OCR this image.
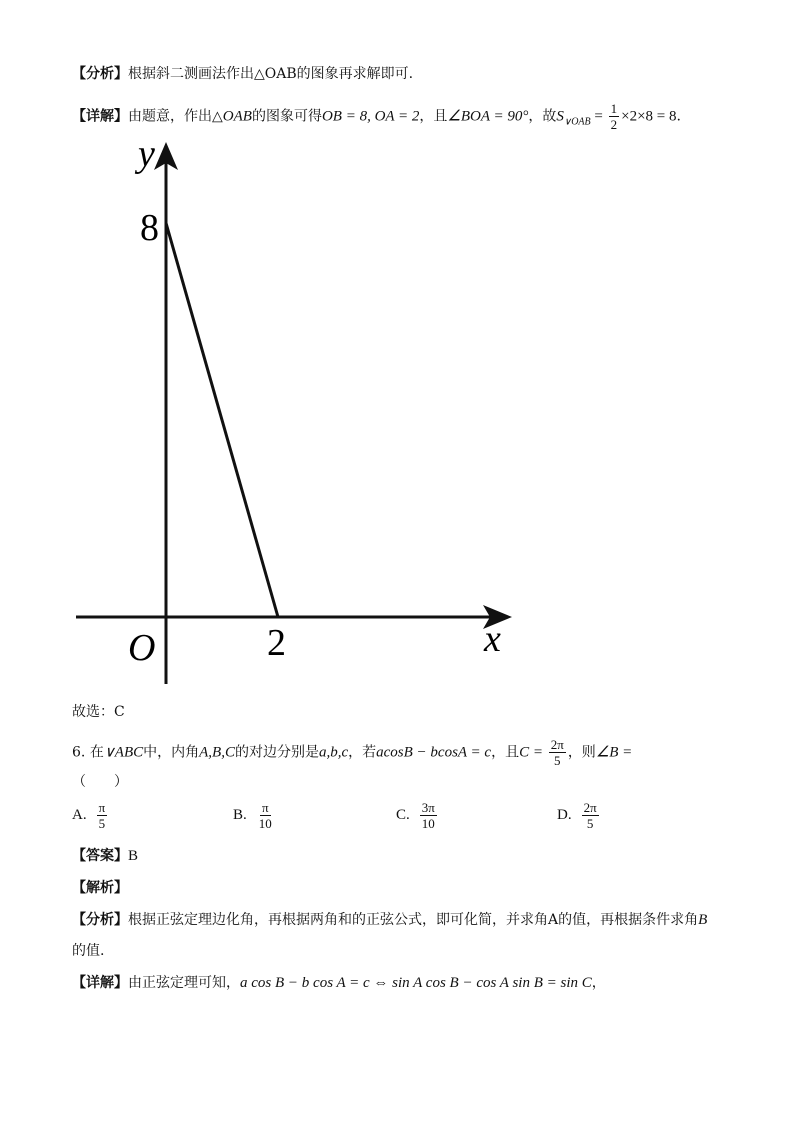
【分析】根据斜二测画法作出△OAB的图象再求解即可.
【详解】由题意，作出△OAB的图象可得OB = 8, OA = 2，且∠BOA = 90°，故$S_{\vee OAB} = \frac{1}{2} \times 2\times 8 = 8$.
y
x
O
8
2
故选：C
6. 在∨ABC中，内角A,B,C的对边分别是a,b,c，若acosB − bcosA = c，且$C = \frac{2\pi}{5}$ ，则∠B =
（　　）
A. $\frac{\pi}{5}$	B. $\frac{\pi}{10}$	C. $\frac{3\pi}{10}$	D. $\frac{2\pi}{5}$
【答案】B
【解析】
【分析】根据正弦定理边化角，再根据两角和的正弦公式，即可化简，并求角A的值，再根据条件求角B
的值.
【详解】由正弦定理可知，a cos B − b cos A = c ⇔ sin A cos B − cos A sin B = sin C，
